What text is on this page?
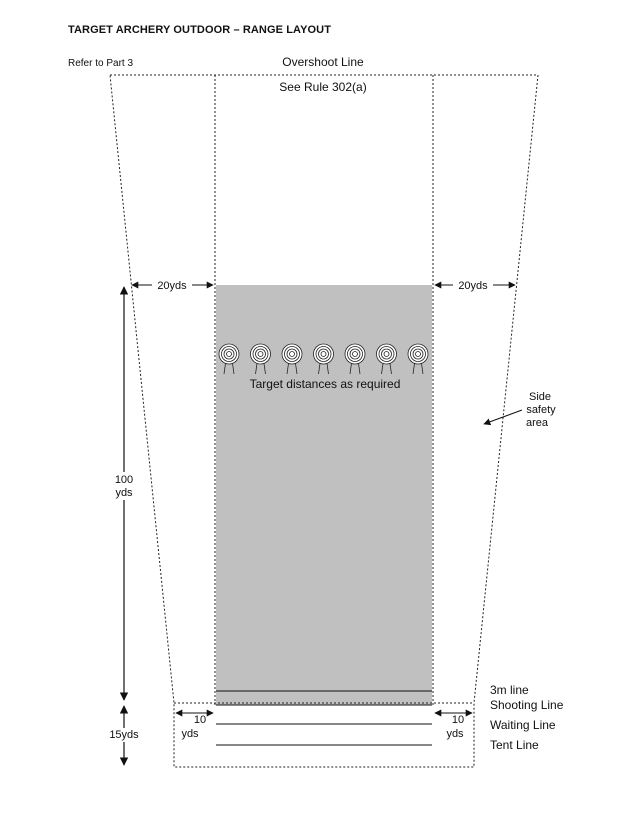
TARGET ARCHERY OUTDOOR – RANGE LAYOUT
Refer to Part 3	Overshoot Line
See Rule 302(a)
20yds	20yds
Target distances as required
Side
safety
area
100
yds
15yds
10
yds
10
yds
3m line
Shooting Line
Waiting Line
Tent Line
